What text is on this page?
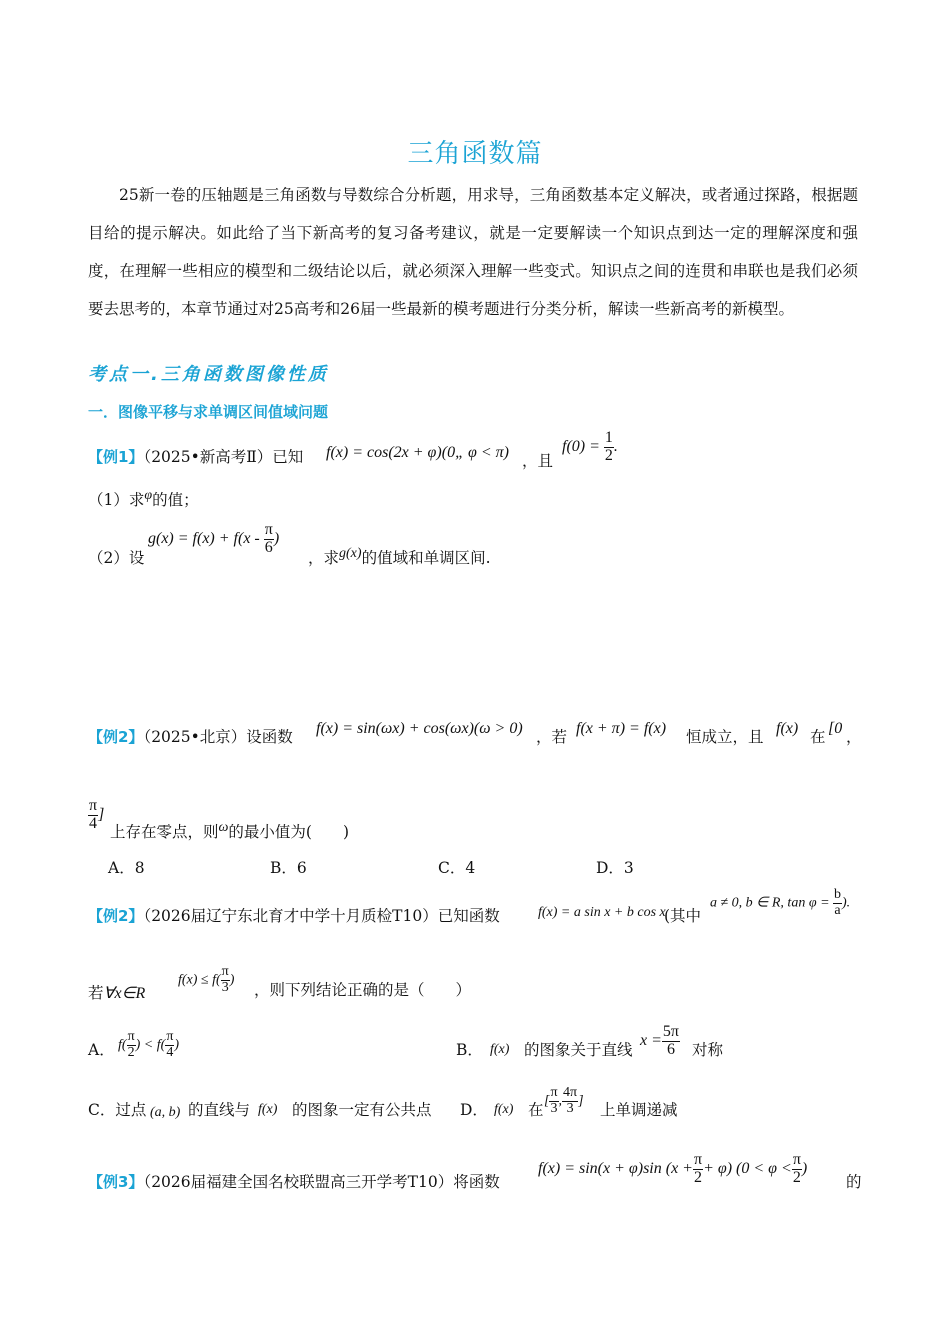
三角函数篇
25新一卷的压轴题是三角函数与导数综合分析题，用求导，三角函数基本定义解决，或者通过探路，根据题目给的提示解决。如此给了当下新高考的复习备考建议，就是一定要解读一个知识点到达一定的理解深度和强度，在理解一些相应的模型和二级结论以后，就必须深入理解一些变式。知识点之间的连贯和串联也是我们必须要去思考的，本章节通过对25高考和26届一些最新的模考题进行分类分析，解读一些新高考的新模型。
考点一.三角函数图像性质
一．图像平移与求单调区间值域问题
【例1】（2025•新高考Ⅱ）已知 f(x) = cos(2x + φ)(0„ φ < π) ，且
$f(0) = \frac{1}{2}$ .
（1）求$^\varphi$的值；
（2）设
$g(x) = f(x) + f(x - \frac{\pi}{6}$ )
，求$^{g(x)}$的值域和单调区间.
【例2】（2025•北京）设函数 f(x) = sin(ωx) + cos(ωx)(ω > 0) ，若 f(x + π) = f(x) 恒成立，且 f(x) 在 [0 ，
$\frac{\pi}{4}$ ]
上存在零点，则$^\omega$的最小值为(　　)
A．8	B．6	C．4	D．3
【例2】（2026届辽宁东北育才中学十月质检T10）已知函数	f(x) = a sin x + b cos x
(其中
a ≠ 0, b ∈ R, $\tan \varphi = \frac{b}{a}$ ).
若∀x∈R
$f(x) \le f( \frac{\pi}{3}$ )
，则下列结论正确的是（　　）
A． $f( \frac{\pi}{2}$ ) < $f( \frac{\pi}{4}$ )	B． f(x) 的图象关于直线
$x = \frac{5\pi}{6}$ 对称
C．过点 (a, b) 的直线与 f(x) 的图象一定有公共点 D． f(x) 在
[ $\frac{\pi}{3}$ , $\frac{4\pi}{3}$ ]
上单调递减
【例3】（2026届福建全国名校联盟高三开学考T10）将函数
f(x) = sin(x + φ)sin $(x + \frac{\pi}{2} + \varphi)$ ($0 < \varphi < \frac{\pi}{2}$ )
的
